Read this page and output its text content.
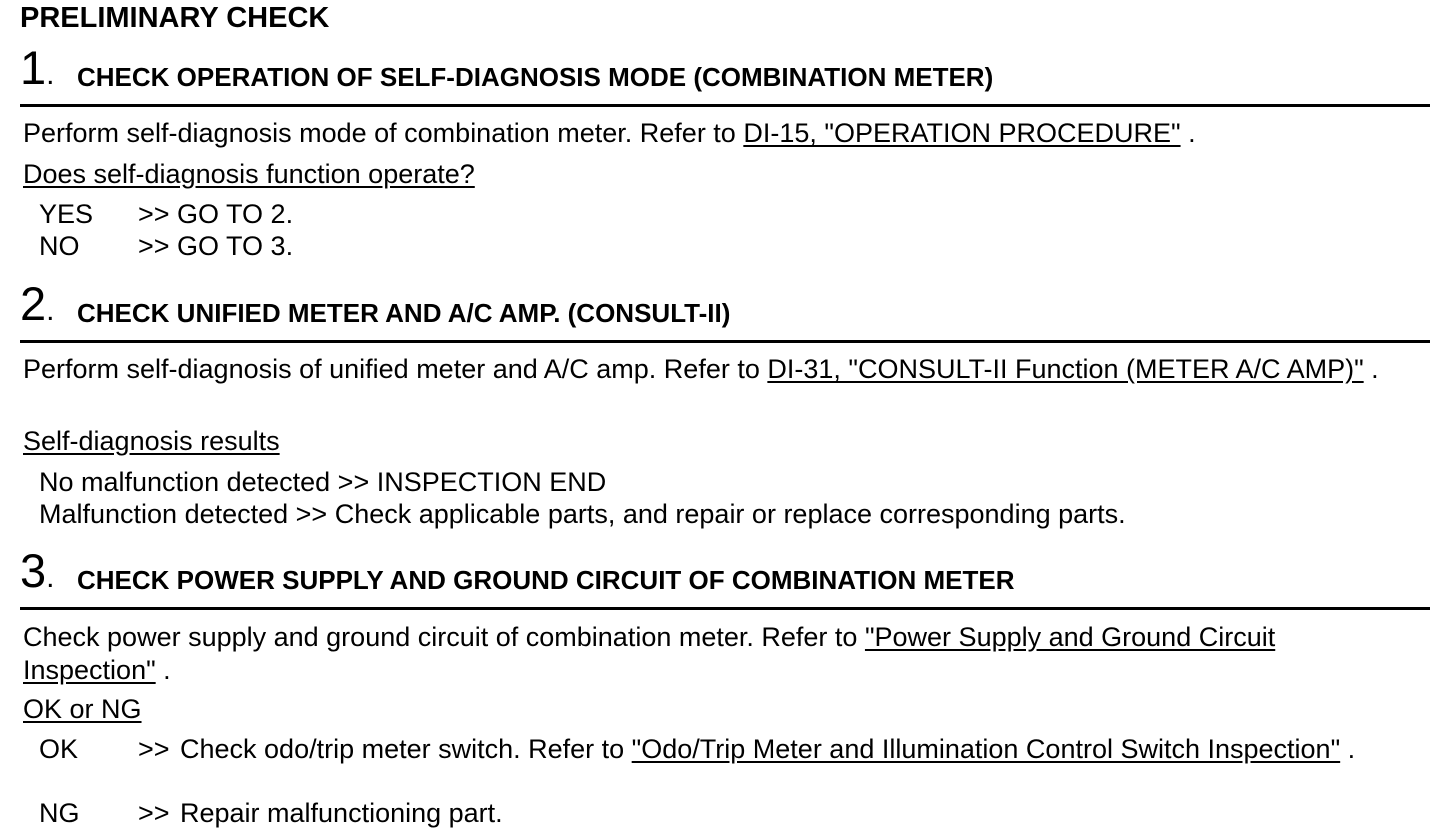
PRELIMINARY CHECK
1. CHECK OPERATION OF SELF-DIAGNOSIS MODE (COMBINATION METER)
Perform self-diagnosis mode of combination meter. Refer to DI-15, "OPERATION PROCEDURE" .
Does self-diagnosis function operate?
YES >> GO TO 2.
NO >> GO TO 3.
2. CHECK UNIFIED METER AND A/C AMP. (CONSULT-II)
Perform self-diagnosis of unified meter and A/C amp. Refer to DI-31, "CONSULT-II Function (METER A/C AMP)" .
Self-diagnosis results
No malfunction detected >> INSPECTION END
Malfunction detected >> Check applicable parts, and repair or replace corresponding parts.
3. CHECK POWER SUPPLY AND GROUND CIRCUIT OF COMBINATION METER
Check power supply and ground circuit of combination meter. Refer to "Power Supply and Ground Circuit Inspection" .
OK or NG
OK >> Check odo/trip meter switch. Refer to "Odo/Trip Meter and Illumination Control Switch Inspection" .
NG >> Repair malfunctioning part.
